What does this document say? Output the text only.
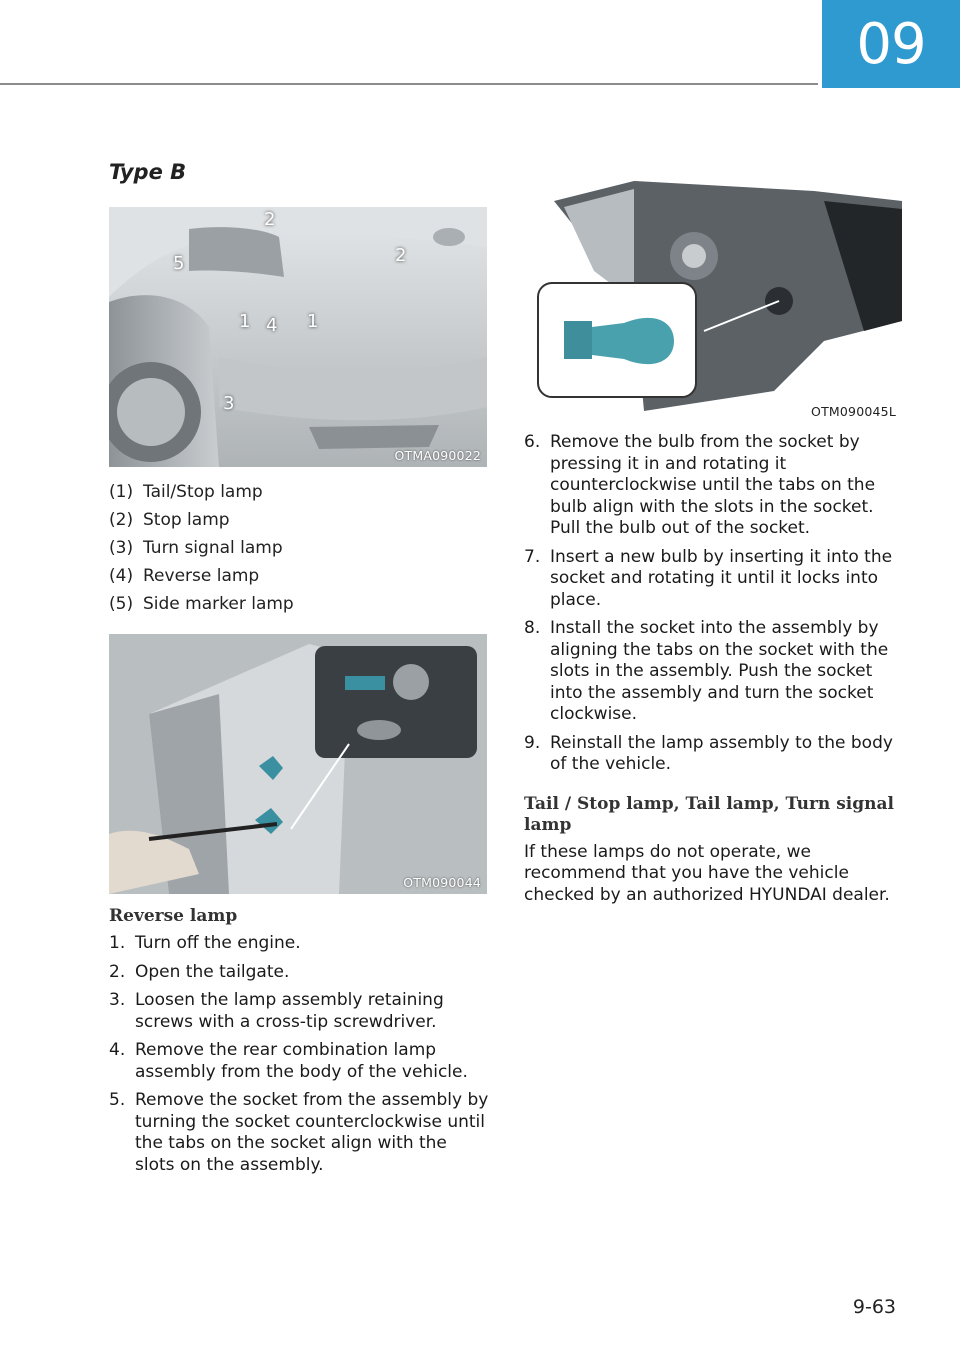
09
Type B
2
2
5
1 4 1
3
OTMA090022
(1) Tail/Stop lamp
(2) Stop lamp
(3) Turn signal lamp
(4) Reverse lamp
(5) Side marker lamp
OTM090044
Reverse lamp
1. Turn off the engine.
2. Open the tailgate.
3. Loosen the lamp assembly retaining screws with a cross-tip screwdriver.
4. Remove the rear combination lamp assembly from the body of the vehicle.
5. Remove the socket from the assembly by turning the socket counterclockwise until the tabs on the socket align with the slots on the assembly.
OTM090045L
6. Remove the bulb from the socket by pressing it in and rotating it counterclockwise until the tabs on the bulb align with the slots in the socket. Pull the bulb out of the socket.
7. Insert a new bulb by inserting it into the socket and rotating it until it locks into place.
8. Install the socket into the assembly by aligning the tabs on the socket with the slots in the assembly. Push the socket into the assembly and turn the socket clockwise.
9. Reinstall the lamp assembly to the body of the vehicle.
Tail / Stop lamp, Tail lamp, Turn signal lamp

If these lamps do not operate, we recommend that you have the vehicle checked by an authorized HYUNDAI dealer.

9-63
